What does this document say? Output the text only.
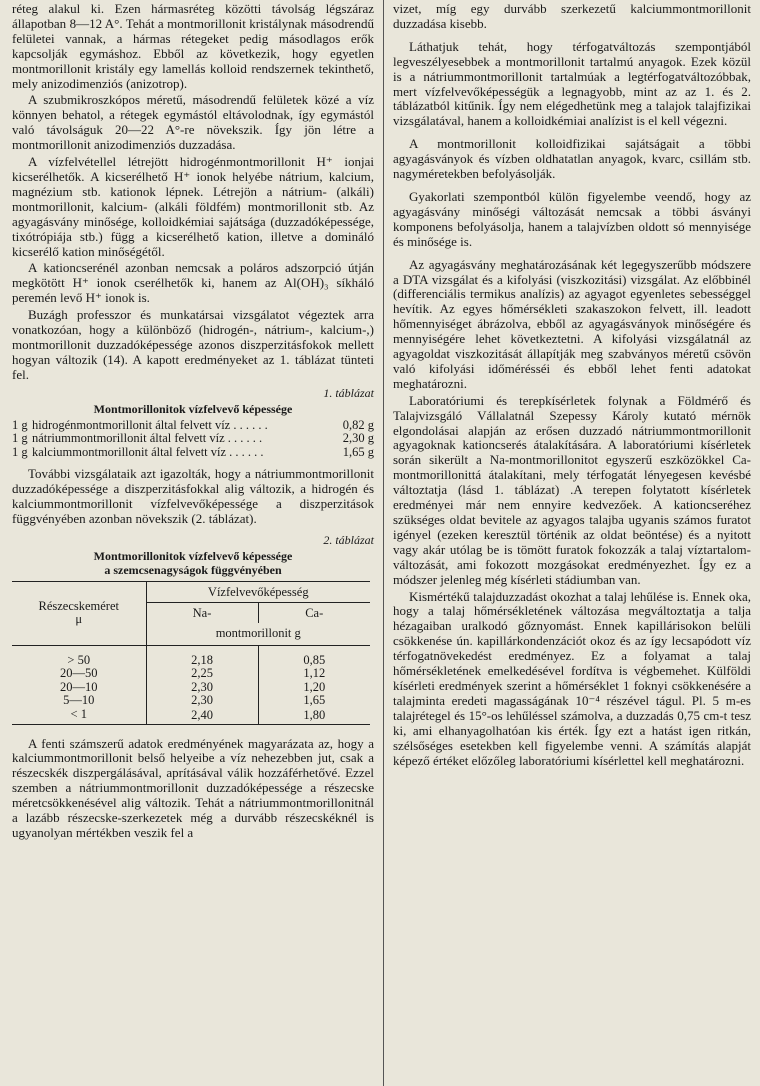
réteg alakul ki. Ezen hármasréteg közötti távolság légszáraz állapotban 8—12 A°. Tehát a montmorillonit kristálynak másodrendű felületei vannak, a hármas rétegeket pedig másodlagos erők kapcsolják egymáshoz. Ebből az következik, hogy egyetlen montmorillonit kristály egy lamellás kolloid rendszernek tekinthető, mely anizodimenziós (anizotrop).

A szubmikroszkópos méretű, másodrendű felületek közé a víz könnyen behatol, a rétegek egymástól eltávolodnak, így egymástól való távolságuk 20—22 A°-re növekszik. Így jön létre a montmorillonit anizodimenziós duzzadása.

A vízfelvétellel létrejött hidrogénmontmorillonit H⁺ ionjai kicserélhetők. A kicserélhető H⁺ ionok helyébe nátrium, kalcium, magnézium stb. kationok lépnek. Létrejön a nátrium- (alkáli) montmorillonit, kalcium- (alkáli földfém) montmorillonit stb. Az agyagásvány minősége, kolloidkémiai sajátsága (duzzadóképessége, tixótrópiája stb.) függ a kicserélhető kation, illetve a domináló kicserélő kation minőségétől.

A kationcserénél azonban nemcsak a poláros adszorpció útján megkötött H⁺ ionok cserélhetők ki, hanem az Al(OH)₃ síkháló peremén levő H⁺ ionok is.

Buzágh professzor és munkatársai vizsgálatot végeztek arra vonatkozóan, hogy a különböző (hidrogén-, nátrium-, kalcium-,) montmorillonit duzzadóképessége azonos diszperzitásfokok mellett hogyan változik (14). A kapott eredményeket az 1. táblázat tünteti fel.

1. táblázat
Montmorillonitok vízfelvevő képessége
1 g hidrogénmontmorillonit által felvett víz . . . . . .	0,82 g
1 g nátriummontmorillonit által felvett víz . . . . . .	2,30 g
1 g kalciummontmorillonit által felvett víz . . . . . .	1,65 g

További vizsgálataik azt igazolták, hogy a nátriummontmorillonit duzzadóképessége a diszperzitásfokkal alig változik, a hidrogén és kalciummontmorillonit vízfelvevőképessége a diszperzitások függvényében azonban növekszik (2. táblázat).

2. táblázat
Montmorillonitok vízfelvevő képessége
a szemcsenagyságok függvényében
Részecskeméret
μ	Vízfelvevőképesség	
	Na-	Ca-
	montmorillonit g	

> 50	2,18	0,85
20—50	2,25	1,12
20—10	2,30	1,20
5—10	2,30	1,65
< 1	2,40	1,80

A fenti számszerű adatok eredményének magyarázata az, hogy a kalciummontmorillonit belső helyeibe a víz nehezebben jut, csak a részecskék diszpergálásával, aprításával válik hozzáférhetővé. Ezzel szemben a nátriummontmorillonit duzzadóképessége a részecske méretcsökkenésével alig változik. Tehát a nátriummontmorillonitnál a lazább részecske-szerkezetek még a durvább részecskéknél is ugyanolyan mértékben veszik fel a

vizet, míg egy durvább szerkezetű kalciummontmorillonit duzzadása kisebb.

Láthatjuk tehát, hogy térfogatváltozás szempontjából legveszélyesebbek a montmorillonit tartalmú anyagok. Ezek közül is a nátriummontmorillonit tartalmúak a legtérfogatváltozóbbak, mert vízfelvevőképességük a legnagyobb, mint az az 1. és 2. táblázatból kitűnik. Így nem elégedhetünk meg a talajok talajfizikai vizsgálatával, hanem a kolloidkémiai analízist is el kell végezni.

A montmorillonit kolloidfizikai sajátságait a többi agyagásványok és vízben oldhatatlan anyagok, kvarc, csillám stb. nagyméretekben befolyásolják.

Gyakorlati szempontból külön figyelembe veendő, hogy az agyagásvány minőségi változását nemcsak a többi ásványi komponens befolyásolja, hanem a talajvízben oldott só mennyisége és minősége is.

Az agyagásvány meghatározásának két legegyszerűbb módszere a DTA vizsgálat és a kifolyási (viszkozitási) vizsgálat. Az előbbinél (differenciális termikus analízis) az agyagot egyenletes sebességgel hevítik. Az egyes hőmérsékleti szakaszokon felvett, ill. leadott hőmennyiséget ábrázolva, ebből az agyagásványok minőségére és mennyiségére lehet következtetni. A kifolyási vizsgálatnál az agyagoldat viszkozitását állapítják meg szabványos méretű csövön való kifolyási időmérésséi és ebből lehet fenti adatokat meghatározni.

Laboratóriumi és terepkísérletek folynak a Földmérő és Talajvizsgáló Vállalatnál Szepessy Károly kutató mérnök elgondolásai alapján az erősen duzzadó nátriummontmorillonit agyagoknak kationcserés átalakítására. A laboratóriumi kísérletek során sikerült a Na-montmorillonitot egyszerű eszközökkel Ca-montmorillonittá átalakítani, mely térfogatát lényegesen kevésbé változtatja (lásd 1. táblázat) .A terepen folytatott kísérletek eredményei már nem ennyire kedvezőek. A kationcseréhez szükséges oldat bevitele az agyagos talajba ugyanis számos furatot igényel (ezeken keresztül történik az oldat beöntése) és a nyitott vagy akár utólag be is tömött furatok fokozzák a talaj víztartalom-változását, ami fokozott mozgásokat eredményezhet. Így ez a módszer jelenleg még kísérleti stádiumban van.

Kismértékű talajduzzadást okozhat a talaj lehűlése is. Ennek oka, hogy a talaj hőmérsékletének változása megváltoztatja a talja hézagaiban uralkodó gőznyomást. Ennek kapillárisokon belüli csökkenése ún. kapillárkondenzációt okoz és az így lecsapódott víz térfogatnövekedést eredményez. Ez a folyamat a talaj hőmérsékletének emelkedésével fordítva is végbemehet. Külföldi kísérleti eredmények szerint a hőmérséklet 1 foknyi csökkenésére a talajminta eredeti magasságának 10⁻⁴ részével tágul. Pl. 5 m-es talajrétegel és 15°-os lehűléssel számolva, a duzzadás 0,75 cm-t tesz ki, ami elhanyagolhatóan kis érték. Így ezt a hatást igen ritkán, szélsőséges esetekben kell figyelembe venni. A számítás alapját képező értéket előzőleg laboratóriumi kísérlettel kell meghatározni.
